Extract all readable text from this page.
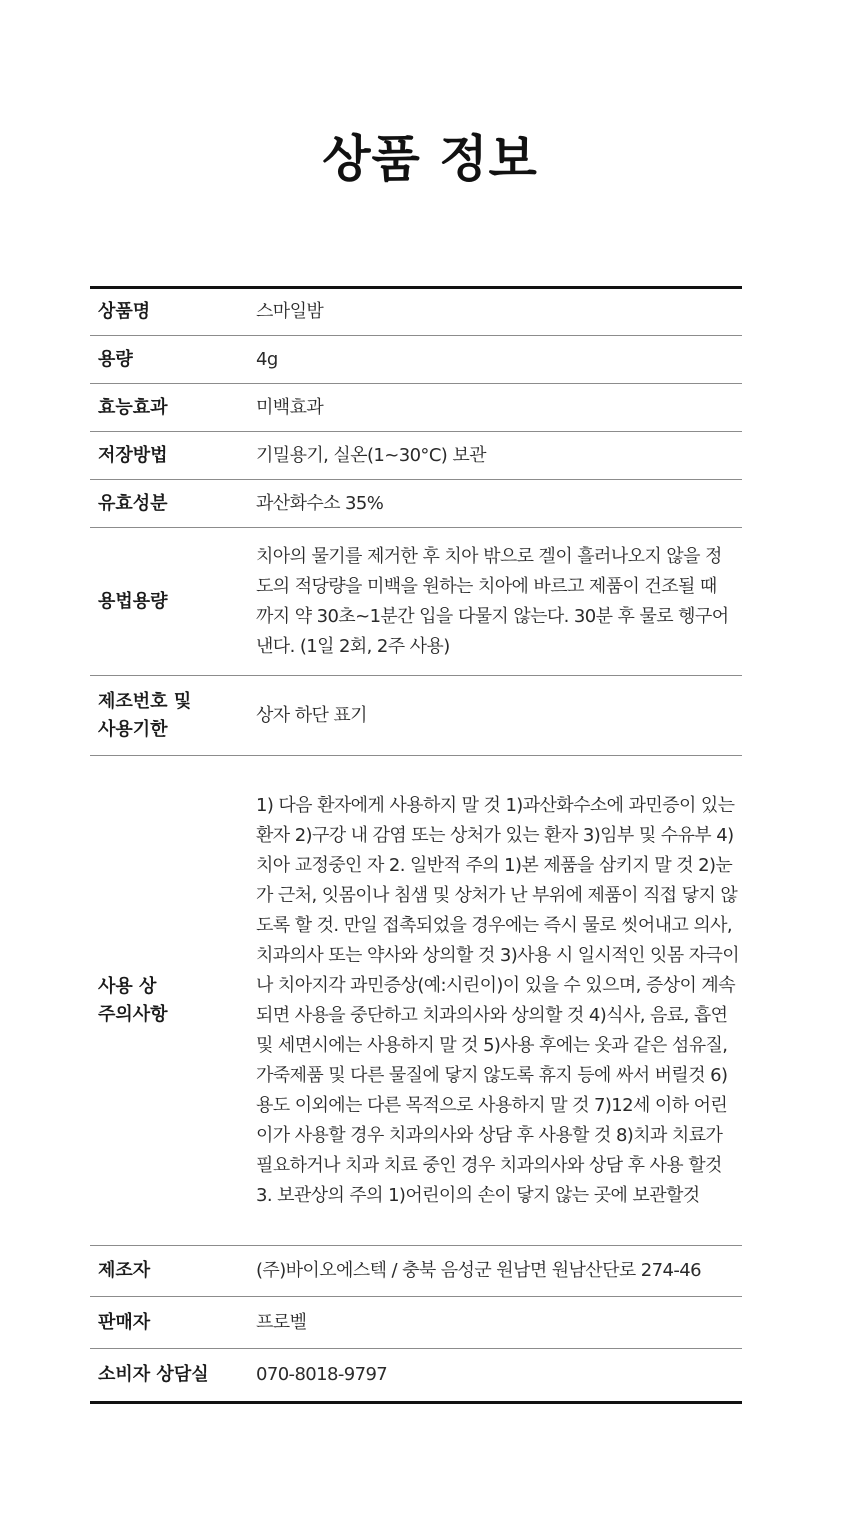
상품 정보
상품명	스마일밤
용량	4g
효능효과	미백효과
저장방법	기밀용기, 실온(1~30°C) 보관
유효성분	과산화수소 35%
용법용량	치아의 물기를 제거한 후 치아 밖으로 겔이 흘러나오지 않을 정도의 적당량을 미백을 원하는 치아에 바르고 제품이 건조될 때까지 약 30초~1분간 입을 다물지 않는다. 30분 후 물로 헹구어 낸다. (1일 2회, 2주 사용)
제조번호 및
사용기한	상자 하단 표기
사용 상
주의사항	1) 다음 환자에게 사용하지 말 것 1)과산화수소에 과민증이 있는 환자 2)구강 내 감염 또는 상처가 있는 환자 3)임부 및 수유부 4)치아 교정중인 자 2. 일반적 주의 1)본 제품을 삼키지 말 것 2)눈가 근처, 잇몸이나 침샘 및 상처가 난 부위에 제품이 직접 닿지 않도록 할 것. 만일 접촉되었을 경우에는 즉시 물로 씻어내고 의사, 치과의사 또는 약사와 상의할 것 3)사용 시 일시적인 잇몸 자극이나 치아지각 과민증상(예:시린이)이 있을 수 있으며, 증상이 계속되면 사용을 중단하고 치과의사와 상의할 것 4)식사, 음료, 흡연 및 세면시에는 사용하지 말 것 5)사용 후에는 옷과 같은 섬유질, 가죽제품 및 다른 물질에 닿지 않도록 휴지 등에 싸서 버릴것 6)용도 이외에는 다른 목적으로 사용하지 말 것 7)12세 이하 어린이가 사용할 경우 치과의사와 상담 후 사용할 것 8)치과 치료가 필요하거나 치과 치료 중인 경우 치과의사와 상담 후 사용 할것 3. 보관상의 주의 1)어린이의 손이 닿지 않는 곳에 보관할것
제조자	(주)바이오에스텍 / 충북 음성군 원남면 원남산단로 274-46
판매자	프로벨
소비자 상담실	070-8018-9797
